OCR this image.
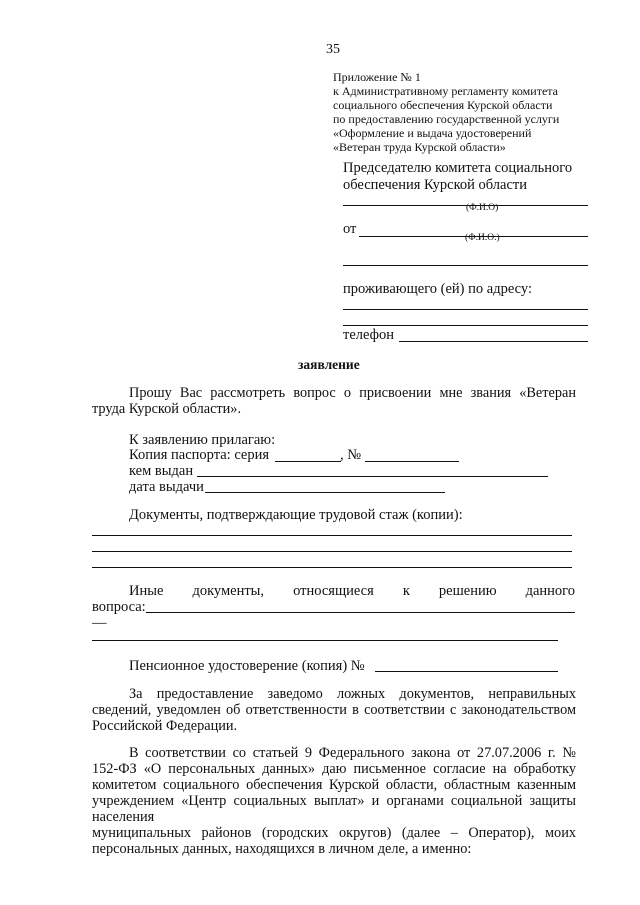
35
Приложение № 1
к Административному регламенту комитета
социального обеспечения Курской области
по предоставлению государственной услуги
«Оформление и выдача удостоверений
«Ветеран труда Курской области»
Председателю комитета социального
обеспечения Курской области
(Ф.И.О)
от
(Ф.И.О.)
проживающего (ей) по адресу:
телефон
заявление
Прошу Вас рассмотреть вопрос о присвоении мне звания «Ветеран
труда Курской области».
К заявлению прилагаю:
Копия паспорта: серия	, №
кем выдан
дата выдачи
Документы, подтверждающие трудовой стаж (копии):
Иные документы, относящиеся к решению данного
вопроса:
—
Пенсионное удостоверение (копия) №
За предоставление заведомо ложных документов, неправильных
сведений, уведомлен об ответственности в соответствии с законодательством
Российской Федерации.
В соответствии со статьей 9 Федерального закона от 27.07.2006 г. №
152-ФЗ «О персональных данных» даю письменное согласие на обработку
комитетом социального обеспечения Курской области, областным казенным
учреждением «Центр социальных выплат» и органами социальной защиты
населения
муниципальных районов (городских округов) (далее – Оператор), моих
персональных данных, находящихся в личном деле, а именно:
